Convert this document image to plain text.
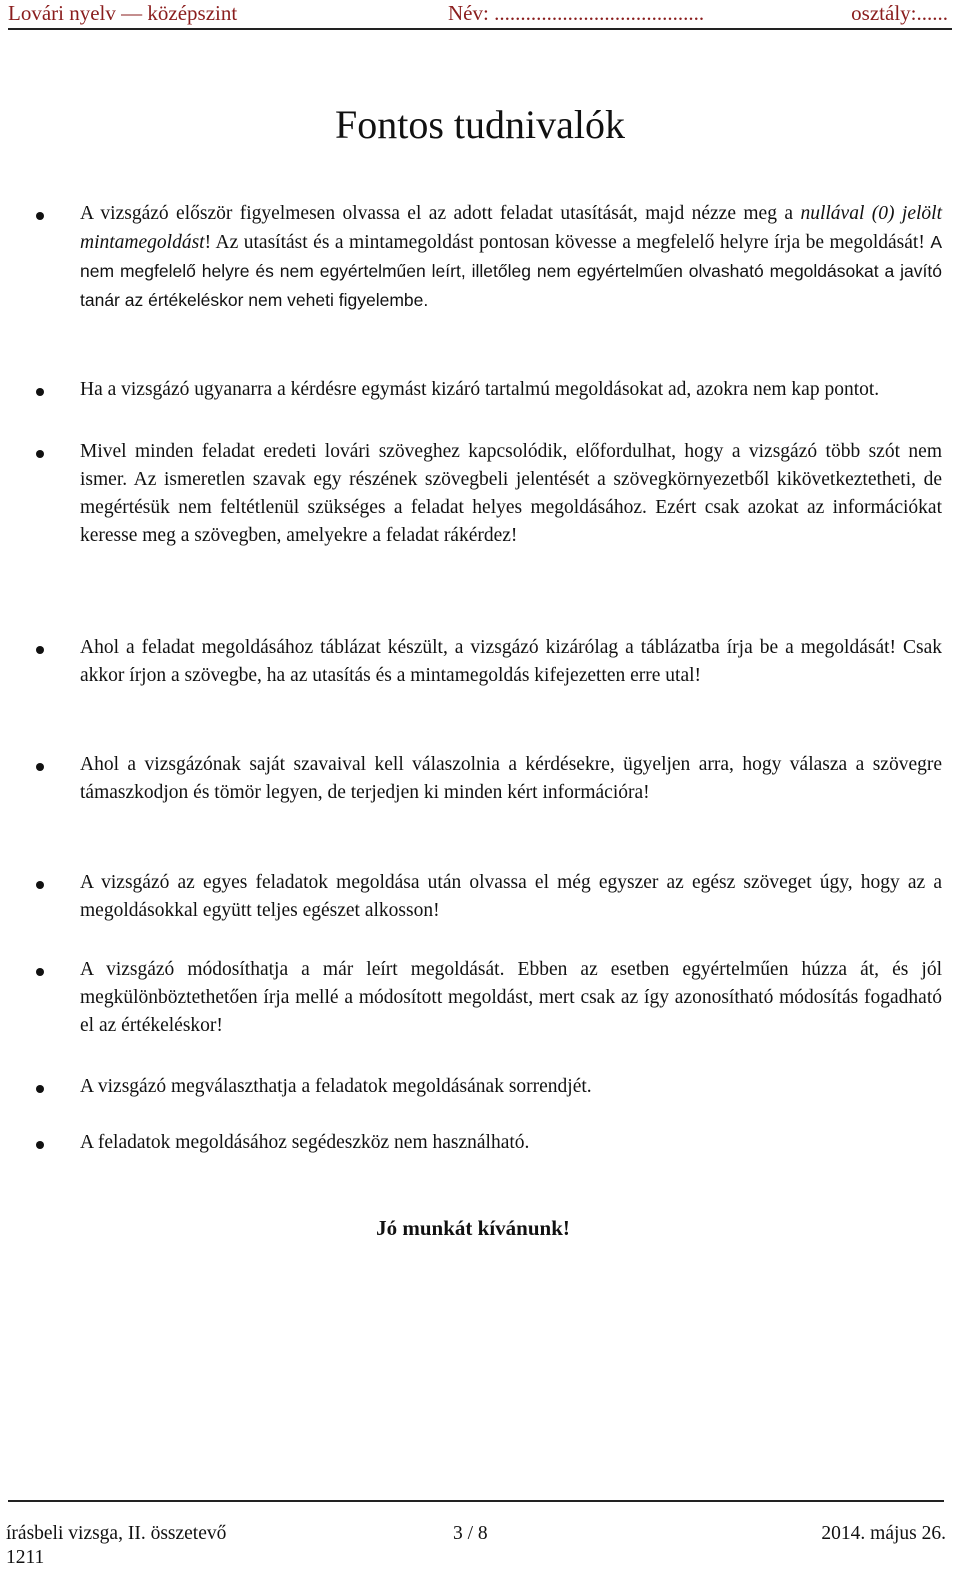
Lovári nyelv — középszint	Név: ........................................	osztály:......
Fontos tudnivalók
A vizsgázó először figyelmesen olvassa el az adott feladat utasítását, majd nézze meg a nullával (0) jelölt mintamegoldást! Az utasítást és a mintamegoldást pontosan kövesse a megfelelő helyre írja be megoldását! A nem megfelelő helyre és nem egyértelműen leírt, illetőleg nem egyértelműen olvasható megoldásokat a javító tanár az értékeléskor nem veheti figyelembe.
Ha a vizsgázó ugyanarra a kérdésre egymást kizáró tartalmú megoldásokat ad, azokra nem kap pontot.
Mivel minden feladat eredeti lovári szöveghez kapcsolódik, előfordulhat, hogy a vizsgázó több szót nem ismer. Az ismeretlen szavak egy részének szövegbeli jelentését a szövegkörnyezetből kikövetkeztetheti, de megértésük nem feltétlenül szükséges a feladat helyes megoldásához. Ezért csak azokat az információkat keresse meg a szövegben, amelyekre a feladat rákérdez!
Ahol a feladat megoldásához táblázat készült, a vizsgázó kizárólag a táblázatba írja be a megoldását! Csak akkor írjon a szövegbe, ha az utasítás és a mintamegoldás kifejezetten erre utal!
Ahol a vizsgázónak saját szavaival kell válaszolnia a kérdésekre, ügyeljen arra, hogy válasza a szövegre támaszkodjon és tömör legyen, de terjedjen ki minden kért információra!
A vizsgázó az egyes feladatok megoldása után olvassa el még egyszer az egész szöveget úgy, hogy az a megoldásokkal együtt teljes egészet alkosson!
A vizsgázó módosíthatja a már leírt megoldását. Ebben az esetben egyértelműen húzza át, és jól megkülönböztethetően írja mellé a módosított megoldást, mert csak az így azonosítható módosítás fogadható el az értékeléskor!
A vizsgázó megválaszthatja a feladatok megoldásának sorrendjét.
A feladatok megoldásához segédeszköz nem használható.
Jó munkát kívánunk!
írásbeli vizsga, II. összetevő
1211
3 / 8	2014. május 26.
